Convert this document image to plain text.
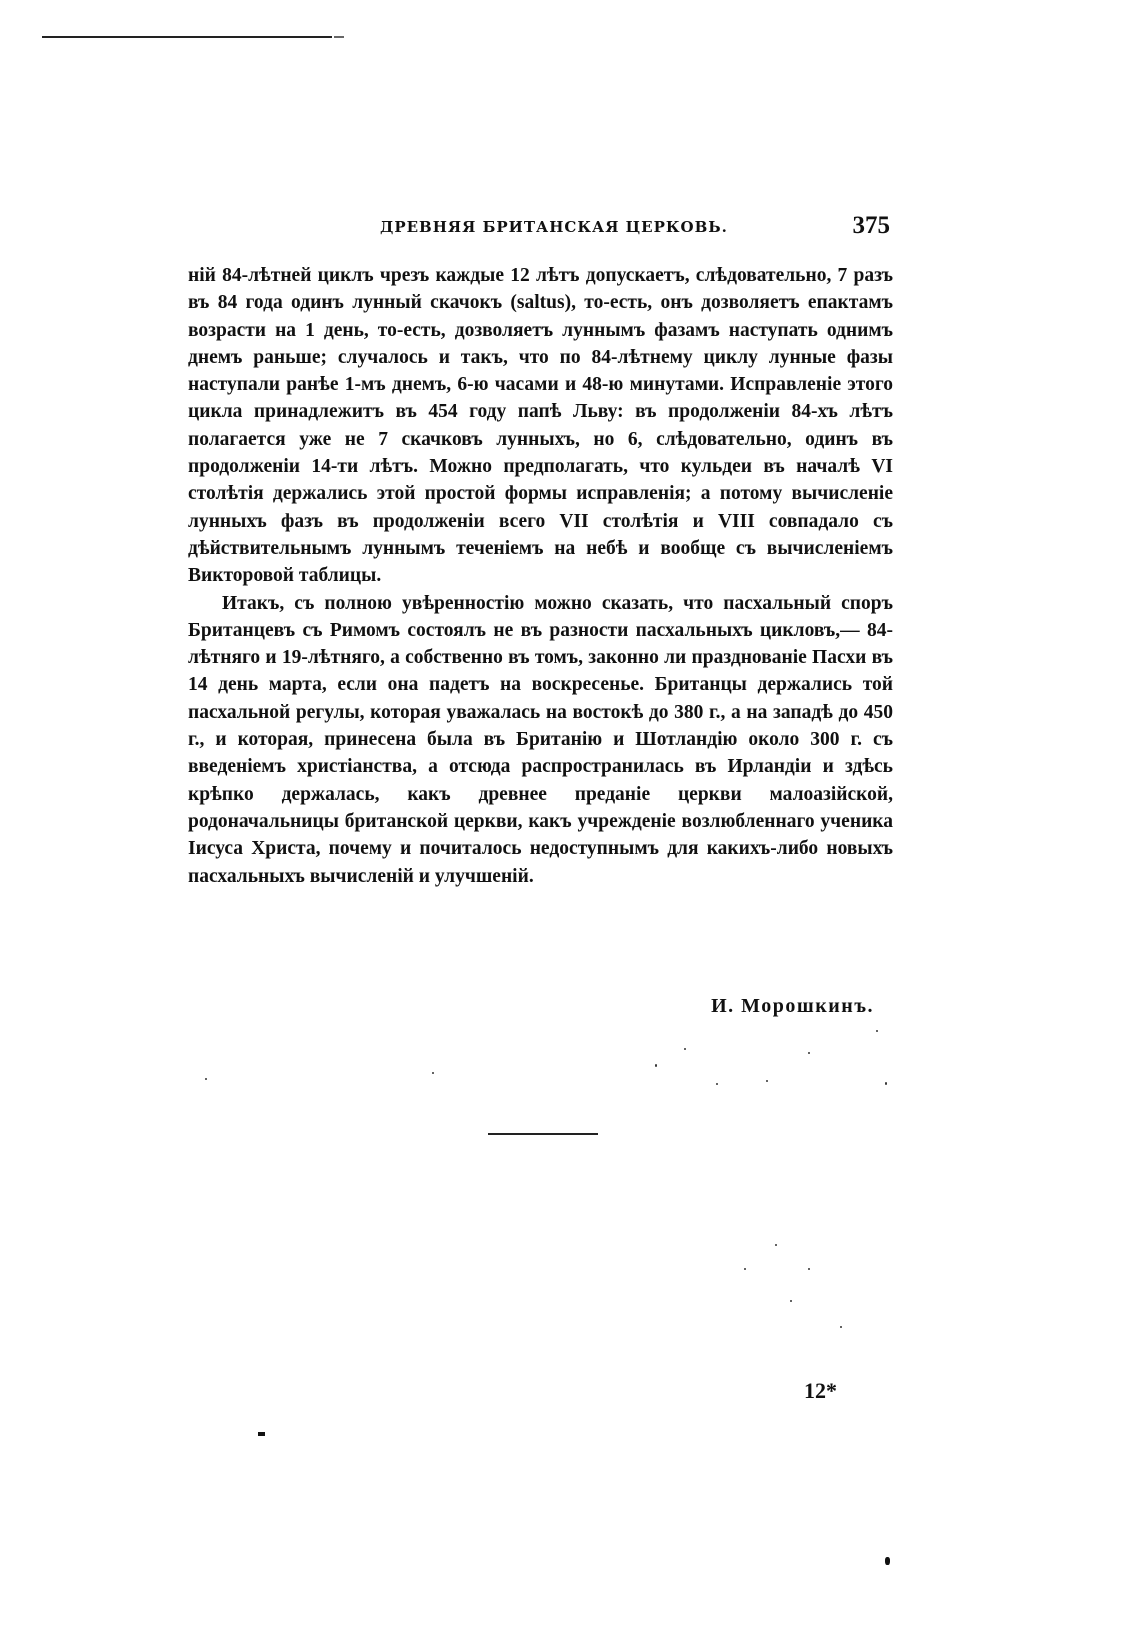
ДРЕВНЯЯ БРИТАНСКАЯ ЦЕРКОВЬ.	375

ній 84-лѣтней циклъ чрезъ каждые 12 лѣтъ допускаетъ, слѣдовательно, 7 разъ въ 84 года одинъ лунный скачокъ (saltus), то-есть, онъ дозволяетъ епактамъ возрасти на 1 день, то-есть, дозволяетъ луннымъ фазамъ наступать однимъ днемъ раньше; случалось и такъ, что по 84-лѣтнему циклу лунные фазы наступали ранѣе 1-мъ днемъ, 6-ю часами и 48-ю минутами. Исправленіе этого цикла принадлежитъ въ 454 году папѣ Льву: въ продолженіи 84-хъ лѣтъ полагается уже не 7 скачковъ лунныхъ, но 6, слѣдовательно, одинъ въ продолженіи 14-ти лѣтъ. Можно предполагать, что кульдеи въ началѣ VI столѣтія держались этой простой формы исправленія; а потому вычисленіе лунныхъ фазъ въ продолженіи всего VII столѣтія и VIII совпадало съ дѣйствительнымъ луннымъ теченіемъ на небѣ и вообще съ вычисленіемъ Викторовой таблицы.

Итакъ, съ полною увѣренностію можно сказать, что пасхальный споръ Британцевъ съ Римомъ состоялъ не въ разности пасхальныхъ цикловъ,— 84-лѣтняго и 19-лѣтняго, а собственно въ томъ, законно ли празднованіе Пасхи въ 14 день марта, если она падетъ на воскресенье. Британцы держались той пасхальной регулы, которая уважалась на востокѣ до 380 г., а на западѣ до 450 г., и которая, принесена была въ Британію и Шотландію около 300 г. съ введеніемъ христіанства, а отсюда распространилась въ Ирландіи и здѣсь крѣпко держалась, какъ древнее преданіе церкви малоазійской, родоначальницы британской церкви, какъ учрежденіе возлюбленнаго ученика Іисуса Христа, почему и почиталось недоступнымъ для какихъ-либо новыхъ пасхальныхъ вычисленій и улучшеній.

И. Морошкинъ.
12*
